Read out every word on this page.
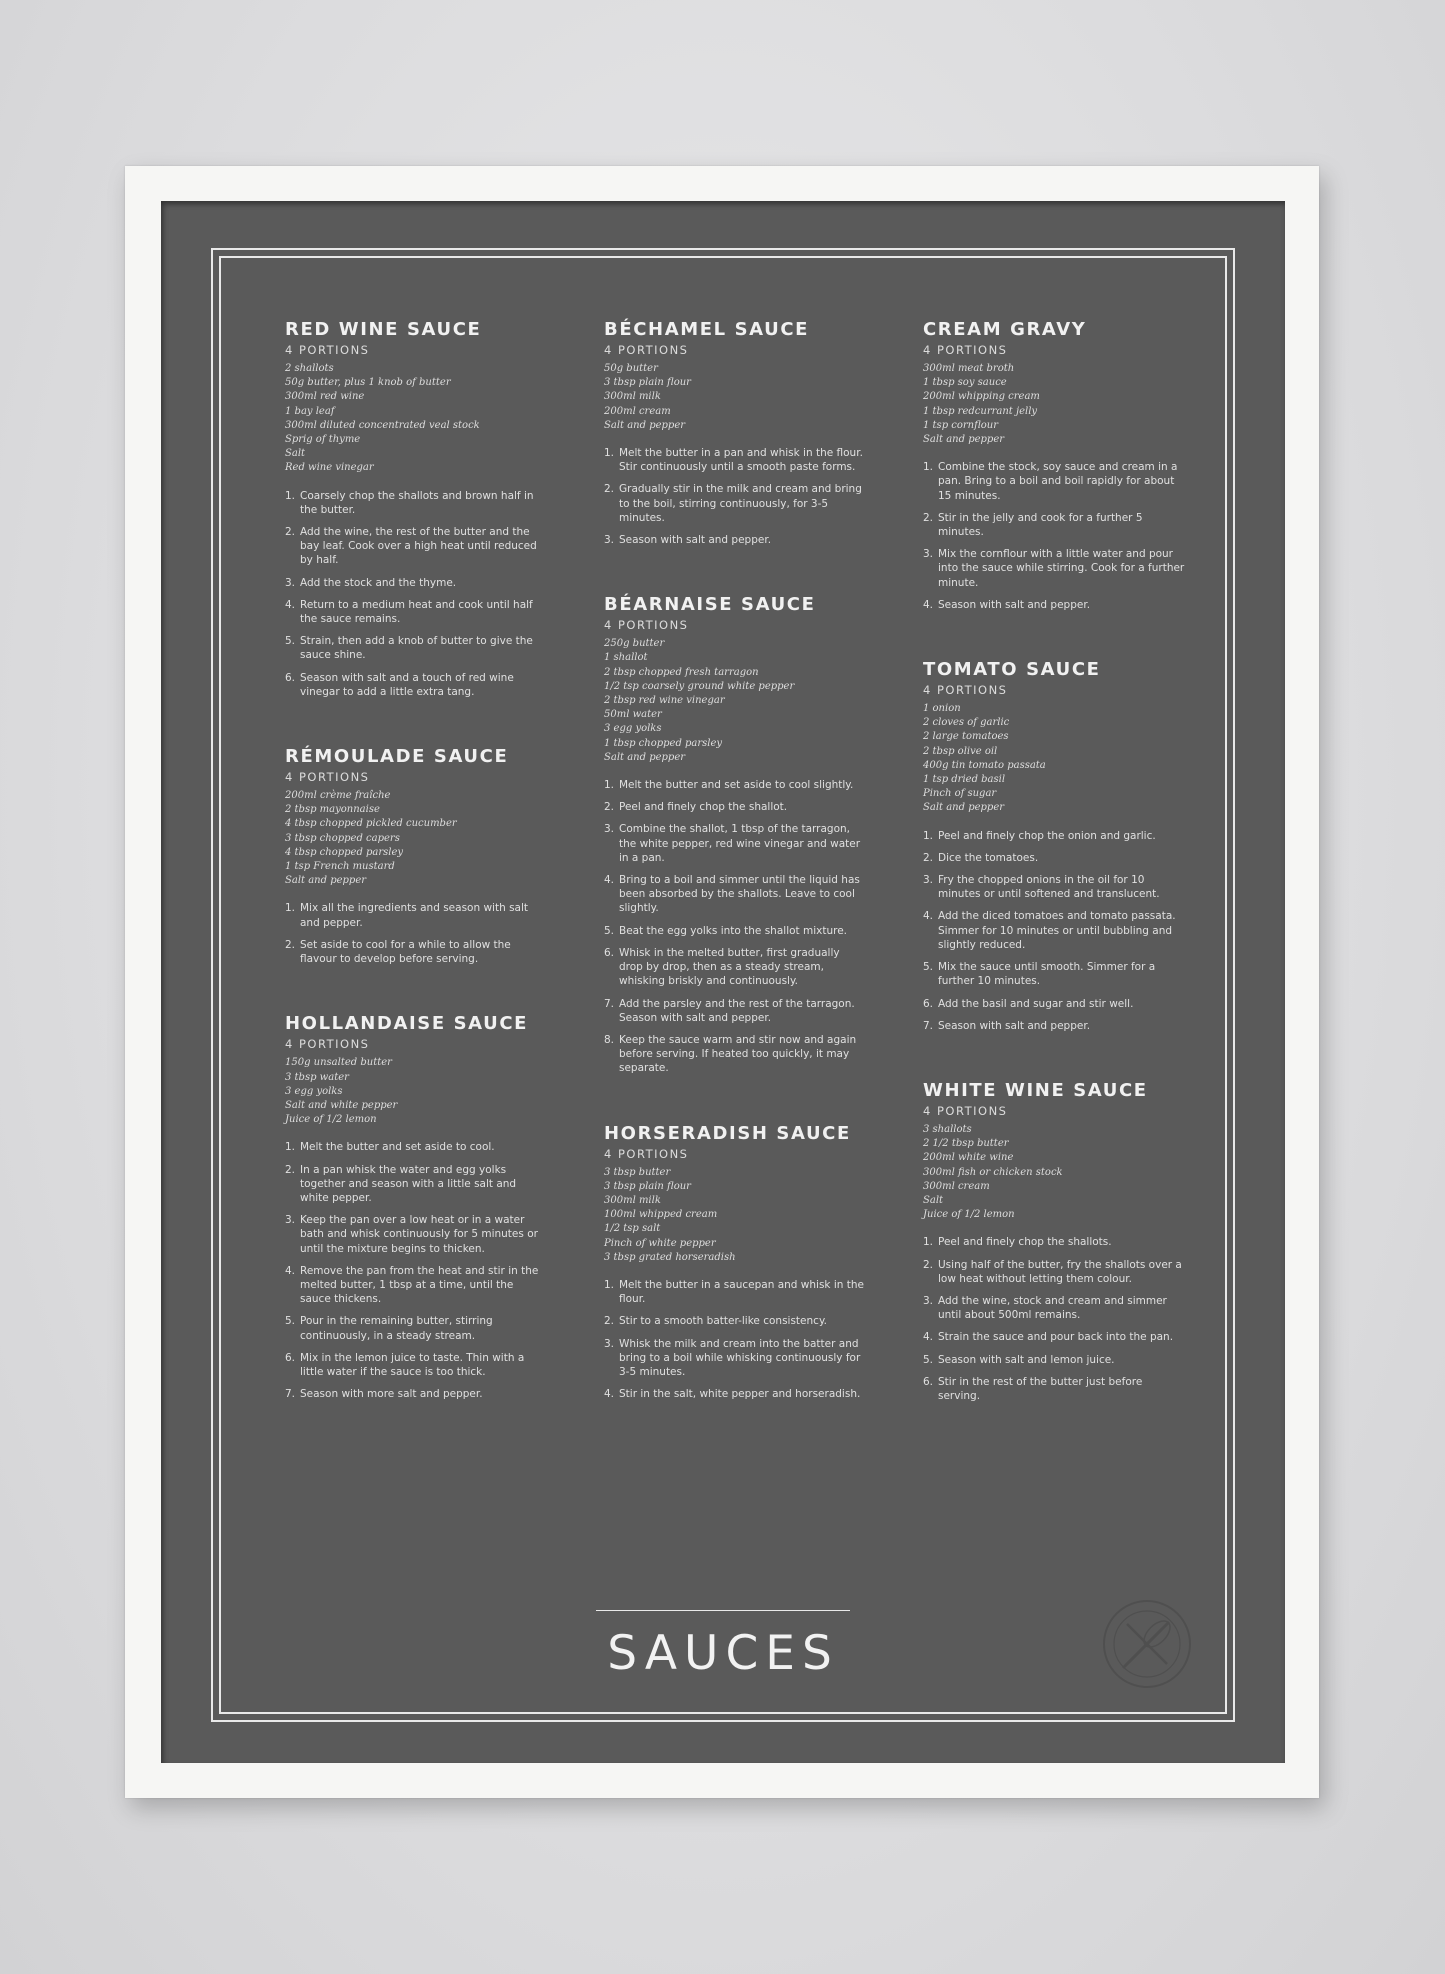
RED WINE SAUCE
4 PORTIONS
2 shallots
50g butter, plus 1 knob of butter
300ml red wine
1 bay leaf
300ml diluted concentrated veal stock
Sprig of thyme
Salt
Red wine vinegar
1. Coarsely chop the shallots and brown half in the butter.
2. Add the wine, the rest of the butter and the bay leaf. Cook over a high heat until reduced by half.
3. Add the stock and the thyme.
4. Return to a medium heat and cook until half the sauce remains.
5. Strain, then add a knob of butter to give the sauce shine.
6. Season with salt and a touch of red wine vinegar to add a little extra tang.
RÉMOULADE SAUCE
4 PORTIONS
200ml crème fraîche
2 tbsp mayonnaise
4 tbsp chopped pickled cucumber
3 tbsp chopped capers
4 tbsp chopped parsley
1 tsp French mustard
Salt and pepper
1. Mix all the ingredients and season with salt and pepper.
2. Set aside to cool for a while to allow the flavour to develop before serving.
HOLLANDAISE SAUCE
4 PORTIONS
150g unsalted butter
3 tbsp water
3 egg yolks
Salt and white pepper
Juice of 1/2 lemon
1. Melt the butter and set aside to cool.
2. In a pan whisk the water and egg yolks together and season with a little salt and white pepper.
3. Keep the pan over a low heat or in a water bath and whisk continuously for 5 minutes or until the mixture begins to thicken.
4. Remove the pan from the heat and stir in the melted butter, 1 tbsp at a time, until the sauce thickens.
5. Pour in the remaining butter, stirring continuously, in a steady stream.
6. Mix in the lemon juice to taste. Thin with a little water if the sauce is too thick.
7. Season with more salt and pepper.
BÉCHAMEL SAUCE
4 PORTIONS
50g butter
3 tbsp plain flour
300ml milk
200ml cream
Salt and pepper
1. Melt the butter in a pan and whisk in the flour. Stir continuously until a smooth paste forms.
2. Gradually stir in the milk and cream and bring to the boil, stirring continuously, for 3-5 minutes.
3. Season with salt and pepper.
BÉARNAISE SAUCE
4 PORTIONS
250g butter
1 shallot
2 tbsp chopped fresh tarragon
1/2 tsp coarsely ground white pepper
2 tbsp red wine vinegar
50ml water
3 egg yolks
1 tbsp chopped parsley
Salt and pepper
1. Melt the butter and set aside to cool slightly.
2. Peel and finely chop the shallot.
3. Combine the shallot, 1 tbsp of the tarragon, the white pepper, red wine vinegar and water in a pan.
4. Bring to a boil and simmer until the liquid has been absorbed by the shallots. Leave to cool slightly.
5. Beat the egg yolks into the shallot mixture.
6. Whisk in the melted butter, first gradually drop by drop, then as a steady stream, whisking briskly and continuously.
7. Add the parsley and the rest of the tarragon. Season with salt and pepper.
8. Keep the sauce warm and stir now and again before serving. If heated too quickly, it may separate.
HORSERADISH SAUCE
4 PORTIONS
3 tbsp butter
3 tbsp plain flour
300ml milk
100ml whipped cream
1/2 tsp salt
Pinch of white pepper
3 tbsp grated horseradish
1. Melt the butter in a saucepan and whisk in the flour.
2. Stir to a smooth batter-like consistency.
3. Whisk the milk and cream into the batter and bring to a boil while whisking continuously for 3-5 minutes.
4. Stir in the salt, white pepper and horseradish.
CREAM GRAVY
4 PORTIONS
300ml meat broth
1 tbsp soy sauce
200ml whipping cream
1 tbsp redcurrant jelly
1 tsp cornflour
Salt and pepper
1. Combine the stock, soy sauce and cream in a pan. Bring to a boil and boil rapidly for about 15 minutes.
2. Stir in the jelly and cook for a further 5 minutes.
3. Mix the cornflour with a little water and pour into the sauce while stirring. Cook for a further minute.
4. Season with salt and pepper.
TOMATO SAUCE
4 PORTIONS
1 onion
2 cloves of garlic
2 large tomatoes
2 tbsp olive oil
400g tin tomato passata
1 tsp dried basil
Pinch of sugar
Salt and pepper
1. Peel and finely chop the onion and garlic.
2. Dice the tomatoes.
3. Fry the chopped onions in the oil for 10 minutes or until softened and translucent.
4. Add the diced tomatoes and tomato passata. Simmer for 10 minutes or until bubbling and slightly reduced.
5. Mix the sauce until smooth. Simmer for a further 10 minutes.
6. Add the basil and sugar and stir well.
7. Season with salt and pepper.
WHITE WINE SAUCE
4 PORTIONS
3 shallots
2 1/2 tbsp butter
200ml white wine
300ml fish or chicken stock
300ml cream
Salt
Juice of 1/2 lemon
1. Peel and finely chop the shallots.
2. Using half of the butter, fry the shallots over a low heat without letting them colour.
3. Add the wine, stock and cream and simmer until about 500ml remains.
4. Strain the sauce and pour back into the pan.
5. Season with salt and lemon juice.
6. Stir in the rest of the butter just before serving.
SAUCES
